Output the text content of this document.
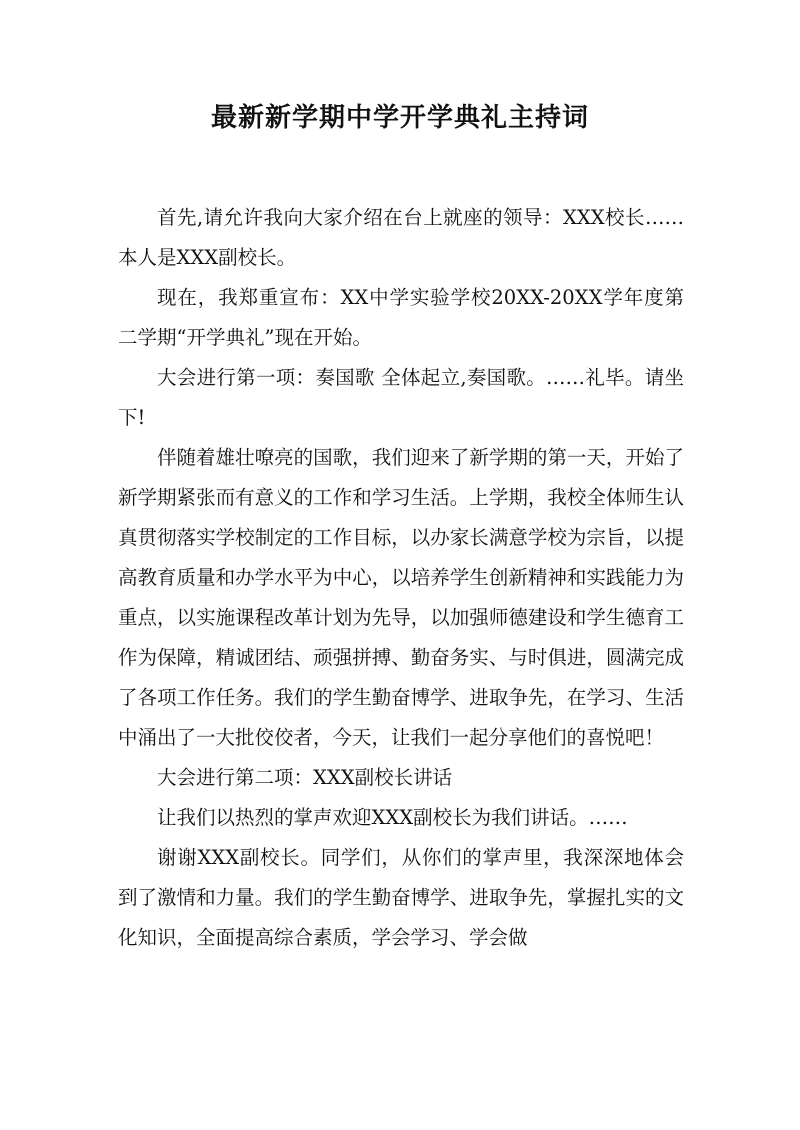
最新新学期中学开学典礼主持词

首先,请允许我向大家介绍在台上就座的领导：XXX校长……本人是XXX副校长。

现在，我郑重宣布：XX中学实验学校20XX-20XX学年度第二学期“开学典礼”现在开始。

大会进行第一项：奏国歌 全体起立,奏国歌。……礼毕。请坐下!

伴随着雄壮嘹亮的国歌，我们迎来了新学期的第一天，开始了新学期紧张而有意义的工作和学习生活。上学期，我校全体师生认真贯彻落实学校制定的工作目标，以办家长满意学校为宗旨，以提高教育质量和办学水平为中心，以培养学生创新精神和实践能力为重点，以实施课程改革计划为先导，以加强师德建设和学生德育工作为保障，精诚团结、顽强拼搏、勤奋务实、与时俱进，圆满完成了各项工作任务。我们的学生勤奋博学、进取争先，在学习、生活中涌出了一大批佼佼者，今天，让我们一起分享他们的喜悦吧！

大会进行第二项：XXX副校长讲话

让我们以热烈的掌声欢迎XXX副校长为我们讲话。……

谢谢XXX副校长。同学们，从你们的掌声里，我深深地体会到了激情和力量。我们的学生勤奋博学、进取争先，掌握扎实的文化知识，全面提高综合素质，学会学习、学会做
